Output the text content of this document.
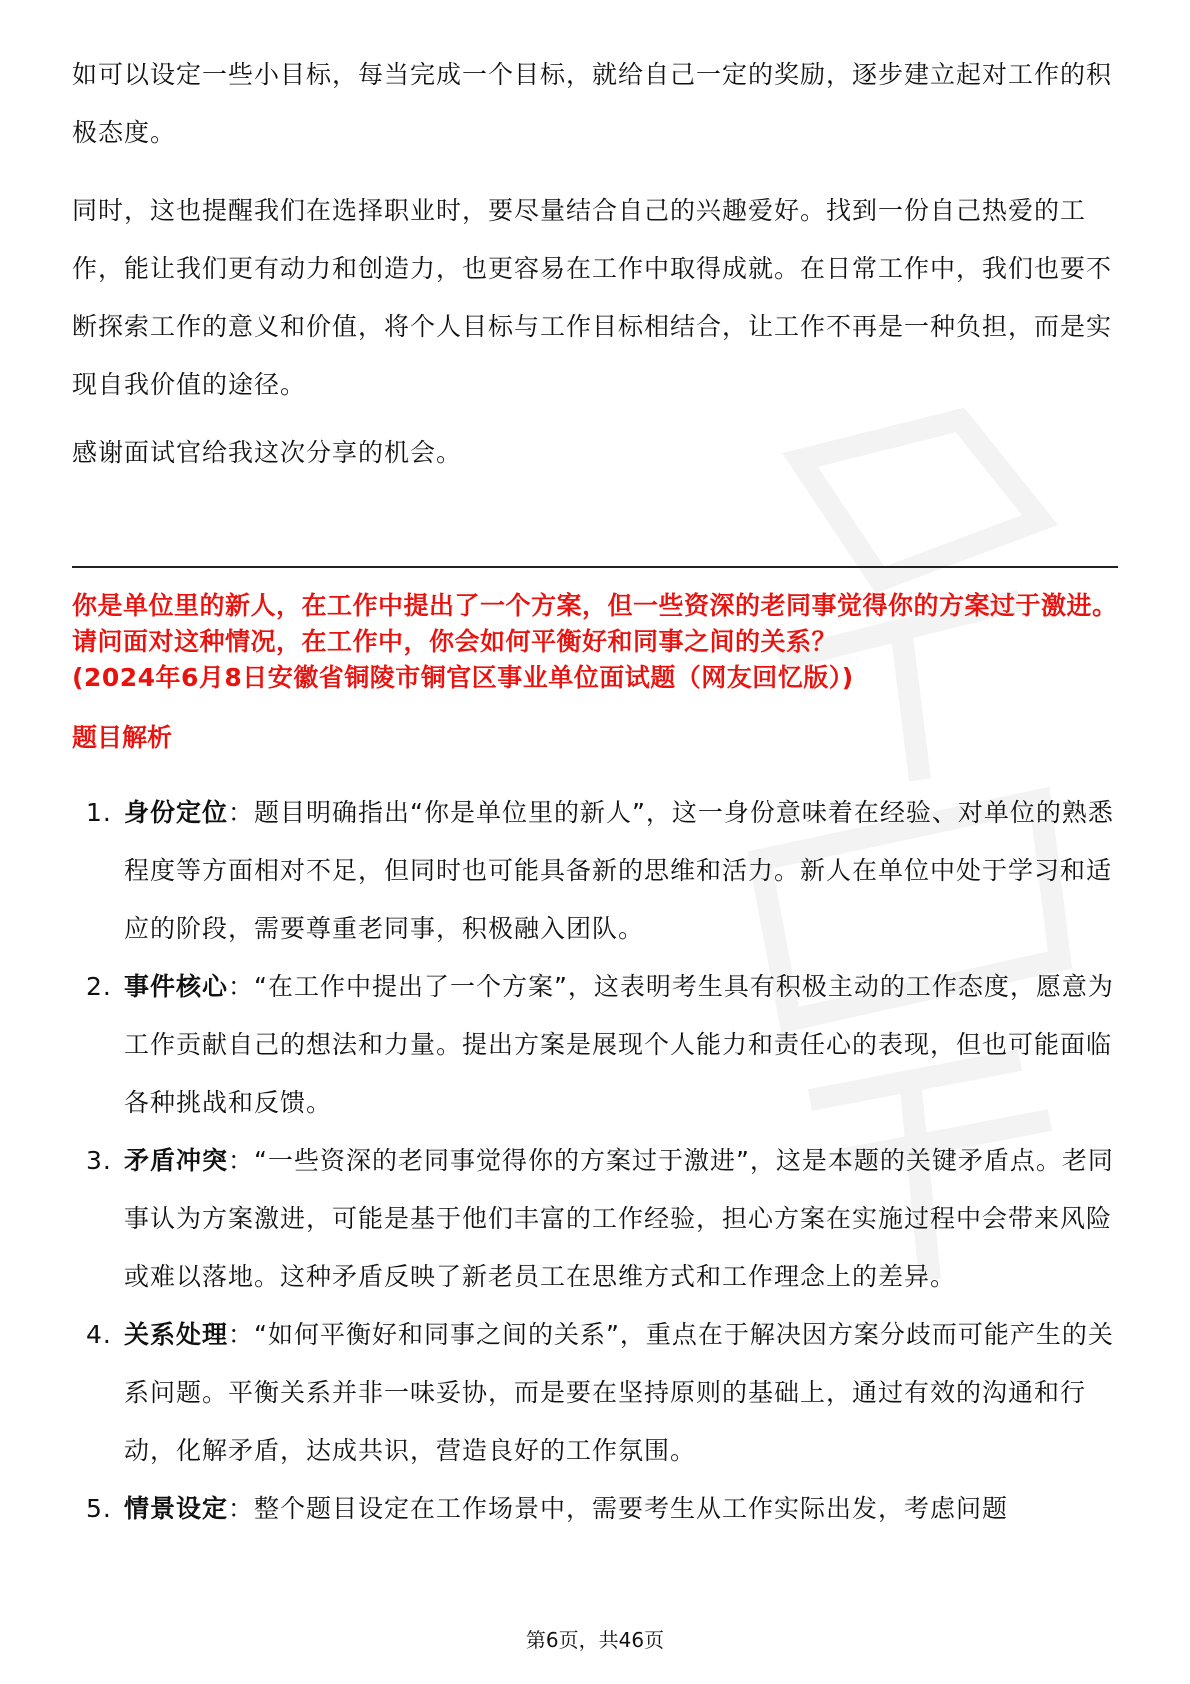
如可以设定一些小目标，每当完成一个目标，就给自己一定的奖励，逐步建立起对工作的积极态度。

同时，这也提醒我们在选择职业时，要尽量结合自己的兴趣爱好。找到一份自己热爱的工作，能让我们更有动力和创造力，也更容易在工作中取得成就。在日常工作中，我们也要不断探索工作的意义和价值，将个人目标与工作目标相结合，让工作不再是一种负担，而是实现自我价值的途径。

感谢面试官给我这次分享的机会。

你是单位里的新人，在工作中提出了一个方案，但一些资深的老同事觉得你的方案过于激进。请问面对这种情况，在工作中，你会如何平衡好和同事之间的关系？
(2024年6月8日安徽省铜陵市铜官区事业单位面试题（网友回忆版）)
题目解析
1. 身份定位：题目明确指出“你是单位里的新人”，这一身份意味着在经验、对单位的熟悉程度等方面相对不足，但同时也可能具备新的思维和活力。新人在单位中处于学习和适应的阶段，需要尊重老同事，积极融入团队。
2. 事件核心：“在工作中提出了一个方案”，这表明考生具有积极主动的工作态度，愿意为工作贡献自己的想法和力量。提出方案是展现个人能力和责任心的表现，但也可能面临各种挑战和反馈。
3. 矛盾冲突：“一些资深的老同事觉得你的方案过于激进”，这是本题的关键矛盾点。老同事认为方案激进，可能是基于他们丰富的工作经验，担心方案在实施过程中会带来风险或难以落地。这种矛盾反映了新老员工在思维方式和工作理念上的差异。
4. 关系处理：“如何平衡好和同事之间的关系”，重点在于解决因方案分歧而可能产生的关系问题。平衡关系并非一味妥协，而是要在坚持原则的基础上，通过有效的沟通和行动，化解矛盾，达成共识，营造良好的工作氛围。
5. 情景设定：整个题目设定在工作场景中，需要考生从工作实际出发，考虑问题
第6页，共46页
